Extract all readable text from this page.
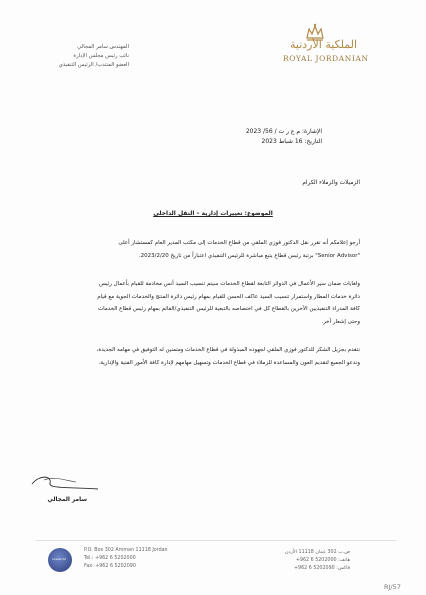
المهندس سامر المجالي
نائب رئيس مجلس الإدارة
العضو المنتدب/ الرئيس التنفيذي
الملكية الأردنية
ROYAL JORDANIAN
الإشارة: م ع ر ت / 56/ 2023
التاريخ: 16 شباط 2023
الزميلات والزملاء الكرام
الموضوع: تغييرات إدارية – النقل الداخلي
أرجو إعلامكم أنه تقرر نقل الدكتور فوزي الملقي من قطاع الخدمات إلى مكتب المدير العام كمستشار أعلى
"Senior Advisor" برتبة رئيس قطاع يتبع مباشرة للرئيس التنفيذي اعتباراً من تاريخ 2023/2/20.
ولغايات ضمان سير الأعمال في الدوائر التابعة لقطاع الخدمات سيتم تنسيب السيد أنس مخادمة للقيام بأعمال رئيس
دائرة خدمات المطار واستمرار تنسيب السيد عاكف الحسن للقيام بمهام رئيس دائرة المنتج والخدمات الجوية مع قيام
كافة المدراء التنفيذيين الآخرين بالقطاع كل في اختصاصه بالتبعية للرئيس التنفيذي/القائم بمهام رئيس قطاع الخدمات
وحتى إشعار آخر.
نتقدم بجزيل الشكر للدكتور فوزي الملقي لجهوده المبذولة في قطاع الخدمات ومتمنين له التوفيق في مهامه الجديدة،
وندعو الجميع لتقديم العون والمساعدة للزملاء في قطاع الخدمات وتسهيل مهامهم لإدارة كافة الأمور الفنية والإدارية.
سامر المجالي
oneworld
P.O. Box 302 Amman 11118 Jordan
Tel.: +962 6 5202000
Fax: +962 6 5202090
ص.ب 302 عمان 11118 الأردن
هاتف: 5202000 6 962+
فاكس: 5202090 6 962+
RJ/57
